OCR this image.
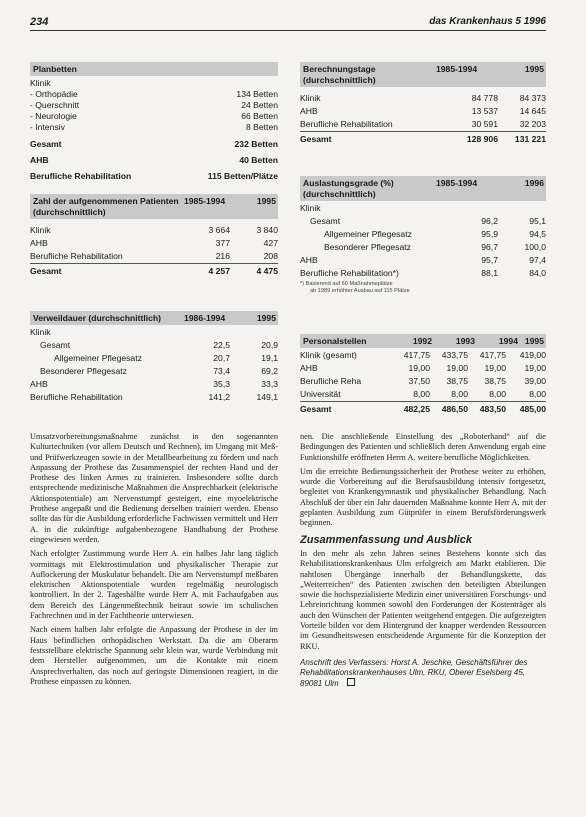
234	das Krankenhaus 5 1996
Planbetten
Klinik
- Orthopädie	134 Betten
- Querschnitt	24 Betten
- Neurologie	66 Betten
- Intensiv	8 Betten
Gesamt	232 Betten
AHB	40 Betten
Berufliche Rehabilitation	115 Betten/Plätze
Zahl der aufgenommenen Patienten (durchschnittlich)
1985-1994	1995
Klinik	3 664	3 840
AHB	377	427
Berufliche Rehabilitation	216	208
Gesamt	4 257	4 475
Verweildauer (durchschnittlich)	1986-1994	1995
Klinik
Gesamt	22,5	20,9
Allgemeiner Pflegesatz	20,7	19,1
Besonderer Pflegesatz	73,4	69,2
AHB	35,3	33,3
Berufliche Rehabilitation	141,2	149,1
Berechnungstage (durchschnittlich)
1985-1994	1995
Klinik	84 778	84 373
AHB	13 537	14 645
Berufliche Rehabilitation	30 591	32 203
Gesamt	128 906	131 221
Auslastungsgrade (%) (durchschnittlich)
1985-1994	1996
Klinik
Gesamt	96,2	95,1
Allgemeiner Pflegesatz	95,9	94,5
Besonderer Pflegesatz	96,7	100,0
AHB	95,7	97,4
Berufliche Rehabilitation*)	88,1	84,0
*) Basierend auf 60 Maßnahmeplätze
ab 1989 erhöhter Ausbau auf 115 Plätze
Personalstellen	1992	1993	1994 1995
Klinik (gesamt)	417,75	433,75	417,75	419,00
AHB	19,00	19,00	19,00	19,00
Berufliche Reha	37,50	38,75	38,75	39,00
Universität	8,00	8,00	8,00	8,00
Gesamt	482,25	486,50	483,50	485,00

Umsatzvorbereitungsmaßnahme zunächst in den sogenannten Kulturtechniken (vor allem Deutsch und Rechnen), im Umgang mit Meß- und Prüfwerkzeugen sowie in der Metallbearbeitung zu fördern und nach Anpassung der Prothese das Zusammenspiel der rechten Hand und der Prothese des linken Armes zu trainieren. Insbesondere sollte durch entsprechende medizinische Maßnahmen die Ansprechbarkeit (elektrische Aktionspotentiale) am Nervenstumpf gesteigert, eine myoelektrische Prothese angepaßt und die Bedienung derselben trainiert werden. Ebenso sollte das für die Ausbildung erforderliche Fachwissen vermittelt und Herr A. in die zukünftige aufgabenbezogene Handhabung der Prothese eingewiesen werden.

Nach erfolgter Zustimmung wurde Herr A. ein halbes Jahr lang täglich vormittags mit Elektrostimulation und physikalischer Therapie zur Auflockerung der Muskulatur behandelt. Die am Nervenstumpf meßbaren elektrischen Aktionspotentiale wurden regelmäßig neurologisch kontrolliert. In der 2. Tageshälfte wurde Herr A. mit Fachaufgaben aus dem Bereich des Längenmeßtechnik betraut sowie im schulischen Fachrechnen und in der Fachtheorie unterwiesen.

Nach einem halben Jahr erfolgte die Anpassung der Prothese in der im Haus befindlichen orthopädischen Werkstatt. Da die am Oberarm festsstellbare elektrische Spannung sehr klein war, wurde Verbindung mit dem Hersteller aufgenommen, um die Kontakte mit einem Ansprechverhalten, das noch auf geringste Dimensionen reagiert, in die Prothese einpassen zu können.

nen. Die anschließende Einstellung des „Roboterhand“ auf die Bedingungen des Patienten und schließlich deren Anwendung ergab eine Funktionshilfe eröffneten Herrn A. weitere berufliche Möglichkeiten.

Um die erreichte Bedienungssicherheit der Prothese weiter zu erhöhen, wurde die Vorbereitung auf die Berufsausbildung intensiv fortgesetzt, begleitet von Krankengymnastik und physikalischer Behandlung. Nach Abschluß der über ein Jahr dauernden Maßnahme konnte Herr A. mit der geplanten Ausbildung zum Gütprüfer in einem Berufsförderungswerk beginnen.

Zusammenfassung und Ausblick

In den mehr als zehn Jahren seines Bestehens konnte sich das Rehabilitationskrankenhaus Ulm erfolgreich am Markt etablieren. Die nahtlosen Übergänge innerhalb der Behandlungskette, das „Weiterreichen“ des Patienten zwischen den beteiligten Abteilungen sowie die hochspezialisierte Medizin einer universitären Forschungs- und Lehreinrichtung kommen sowohl den Forderungen der Kostenträger als auch den Wünschen der Patienten weitgehend entgegen. Die aufgezeigten Vorteile bilden vor dem Hintergrund der knapper werdenden Ressourcen im Gesundheitswesen entscheidende Argumente für die Konzeption der RKU.

Anschrift des Verfassers: Horst A. Jeschke, Geschäftsführer des Rehabilitationskrankenhauses Ulm, RKU, Oberer Eselsberg 45, 89081 Ulm
